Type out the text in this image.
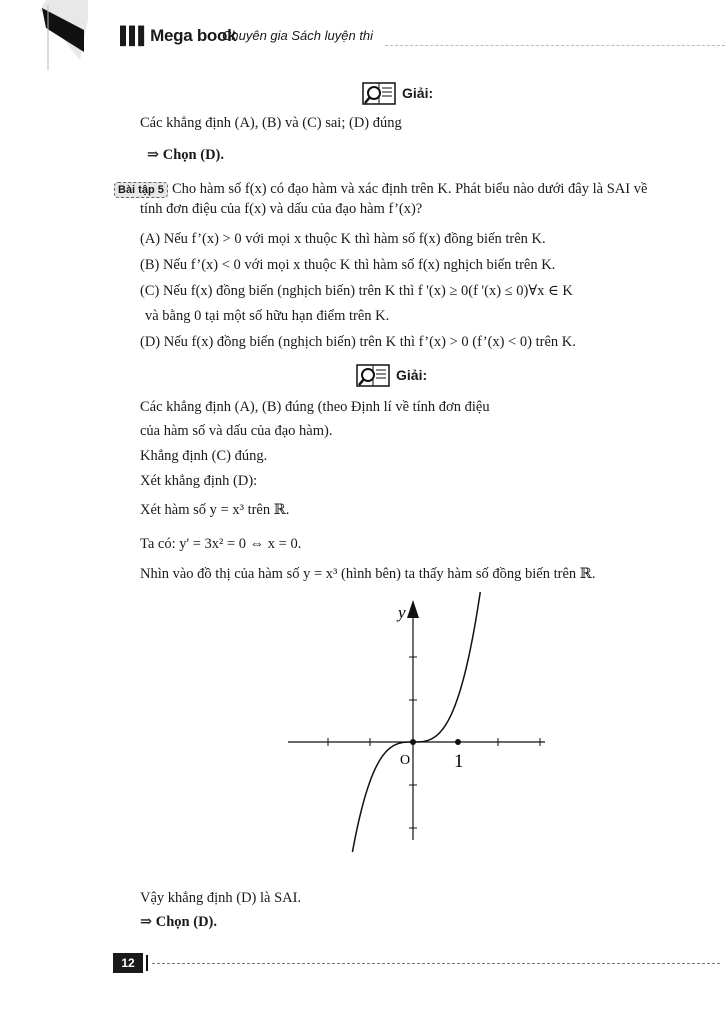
▌▌▌ Mega book
Chuyên gia Sách luyện thi
Giải:
Các khẳng định (A), (B) và (C) sai; (D) đúng
⇒ Chọn (D).
Bài tập 5 Cho hàm số f(x) có đạo hàm và xác định trên K. Phát biểu nào dưới đây là SAI về
tính đơn điệu của f(x) và dấu của đạo hàm f’(x)?
(A) Nếu f’(x) > 0 với mọi x thuộc K thì hàm số f(x) đồng biến trên K.
(B) Nếu f’(x) < 0 với mọi x thuộc K thì hàm số f(x) nghịch biến trên K.
(C) Nếu f(x) đồng biến (nghịch biến) trên K thì f '(x) ≥ 0(f '(x) ≤ 0)∀x ∈ K
và bằng 0 tại một số hữu hạn điểm trên K.
(D) Nếu f(x) đồng biến (nghịch biến) trên K thì f’(x) > 0 (f’(x) < 0) trên K.
Giải:
Các khẳng định (A), (B) đúng (theo Định lí về tính đơn điệu
của hàm số và dấu của đạo hàm).
Khẳng định (C) đúng.
Xét khẳng định (D):
Xét hàm số y = x³ trên ℝ.
Ta có: y' = 3x² = 0 ⇔ x = 0.
Nhìn vào đồ thị của hàm số y = x³ (hình bên) ta thấy hàm số đồng biến trên ℝ.
y
O 1
Vậy khẳng định (D) là SAI.
⇒ Chọn (D).
12
